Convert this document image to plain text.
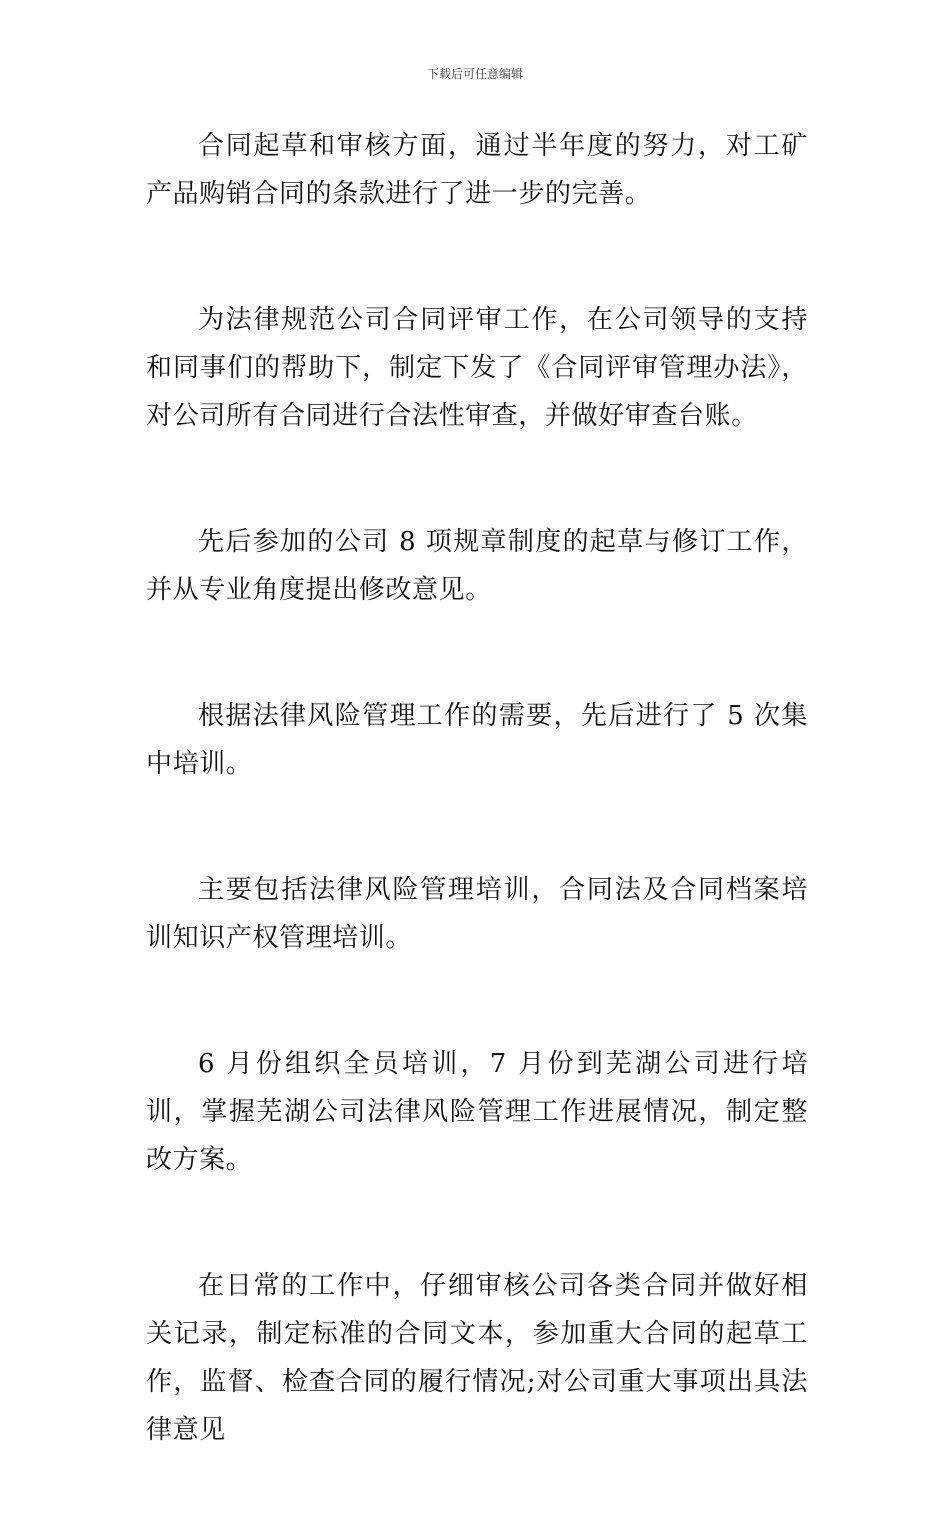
下载后可任意编辑

合同起草和审核方面，通过半年度的努力，对工矿产品购销合同的条款进行了进一步的完善。

为法律规范公司合同评审工作，在公司领导的支持和同事们的帮助下，制定下发了《合同评审管理办法》，对公司所有合同进行合法性审查，并做好审查台账。

先后参加的公司 8 项规章制度的起草与修订工作，并从专业角度提出修改意见。

根据法律风险管理工作的需要，先后进行了 5 次集中培训。

主要包括法律风险管理培训，合同法及合同档案培训知识产权管理培训。

6 月份组织全员培训，7 月份到芜湖公司进行培训，掌握芜湖公司法律风险管理工作进展情况，制定整改方案。

在日常的工作中，仔细审核公司各类合同并做好相关记录，制定标准的合同文本，参加重大合同的起草工作，监督、检查合同的履行情况;对公司重大事项出具法律意见
